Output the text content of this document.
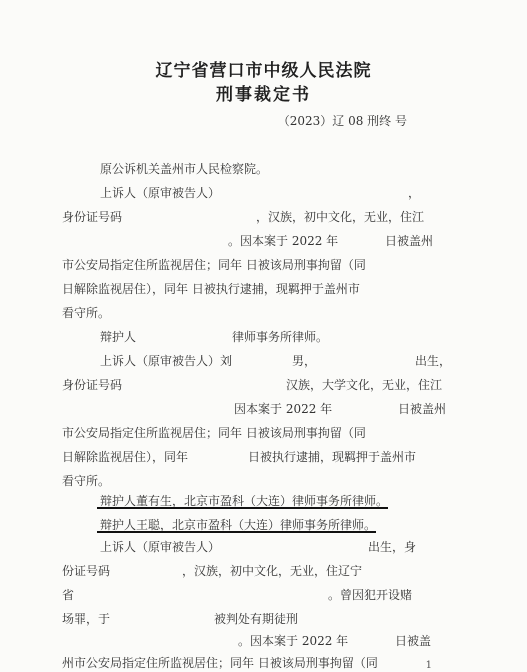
辽宁省营口市中级人民法院
刑事裁定书
（2023）辽 08 刑终 号
原公诉机关盖州市人民检察院。
上诉人（原审被告人）	，
身份证号码	，汉族，初中文化，无业，住江
。因本案于 2022 年	日被盖州
市公安局指定住所监视居住；同年 日被该局刑事拘留（同
日解除监视居住），同年 日被执行逮捕，现羁押于盖州市
看守所。
辩护人	律师事务所律师。
上诉人（原审被告人）刘	男，	出生，
身份证号码	汉族，大学文化，无业，住江
因本案于 2022 年	日被盖州
市公安局指定住所监视居住；同年 日被该局刑事拘留（同
日解除监视居住），同年	日被执行逮捕，现羁押于盖州市
看守所。
辩护人董有生，北京市盈科（大连）律师事务所律师。
辩护人王聪，北京市盈科（大连）律师事务所律师。
上诉人（原审被告人）	出生，身
份证号码	，汉族，初中文化，无业，住辽宁
省	。曾因犯开设赌
场罪，于	被判处有期徒刑
。因本案于 2022 年	日被盖
州市公安局指定住所监视居住；同年 日被该局刑事拘留（同	1
